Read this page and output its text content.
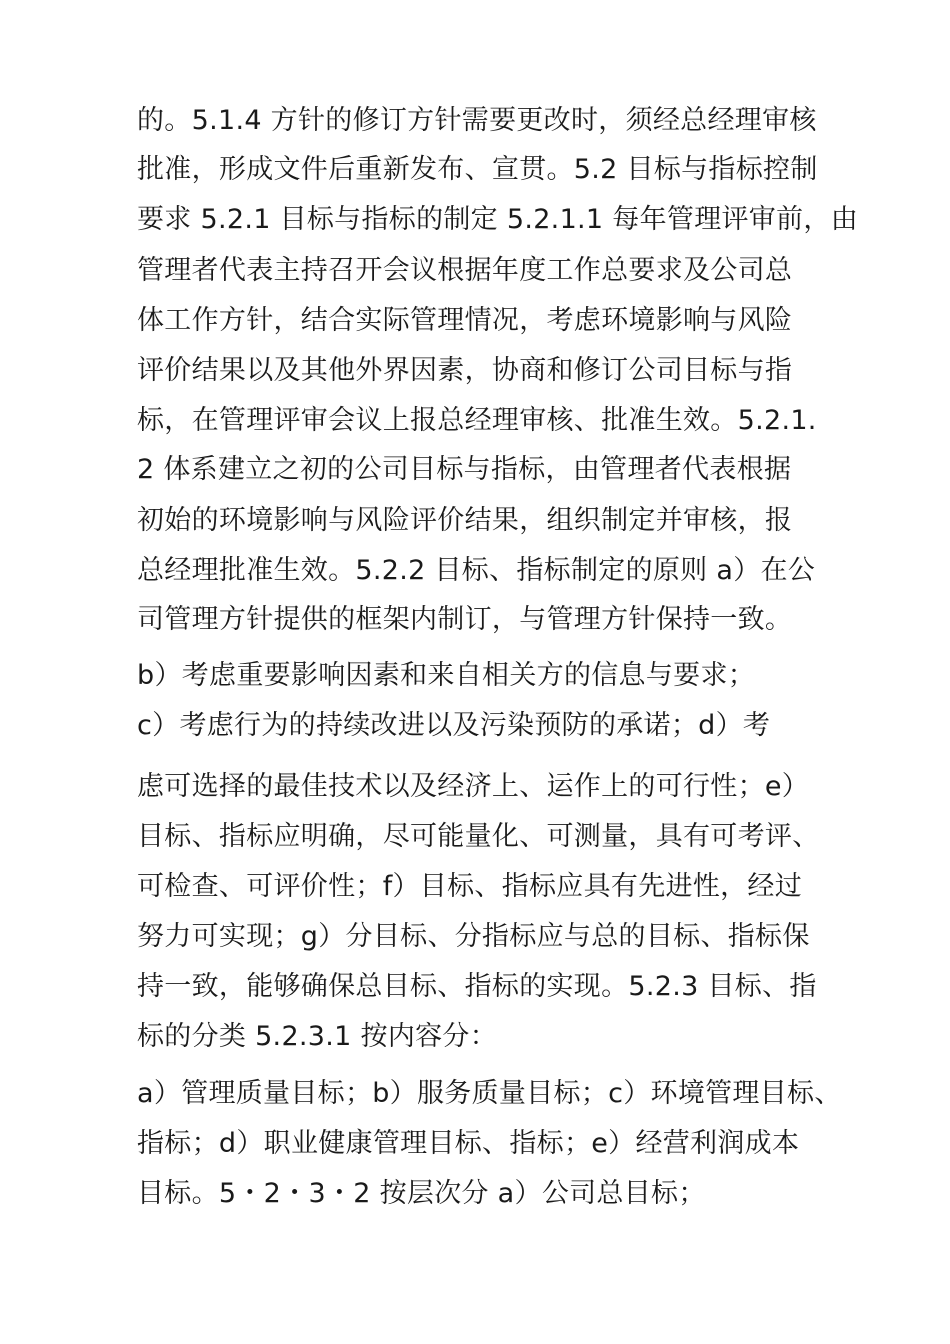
的。5.1.4 方针的修订方针需要更改时，须经总经理审核
批准，形成文件后重新发布、宣贯。5.2 目标与指标控制
要求 5.2.1 目标与指标的制定 5.2.1.1 每年管理评审前，由
管理者代表主持召开会议根据年度工作总要求及公司总
体工作方针，结合实际管理情况，考虑环境影响与风险
评价结果以及其他外界因素，协商和修订公司目标与指
标，在管理评审会议上报总经理审核、批准生效。5.2.1.
2 体系建立之初的公司目标与指标，由管理者代表根据
初始的环境影响与风险评价结果，组织制定并审核，报
总经理批准生效。5.2.2 目标、指标制定的原则 a）在公
司管理方针提供的框架内制订，与管理方针保持一致。
b）考虑重要影响因素和来自相关方的信息与要求；
c）考虑行为的持续改进以及污染预防的承诺；d）考
虑可选择的最佳技术以及经济上、运作上的可行性；e）
目标、指标应明确，尽可能量化、可测量，具有可考评、
可检查、可评价性；f）目标、指标应具有先进性，经过
努力可实现；g）分目标、分指标应与总的目标、指标保
持一致，能够确保总目标、指标的实现。5.2.3 目标、指
标的分类 5.2.3.1 按内容分：
a）管理质量目标；b）服务质量目标；c）环境管理目标、
指标；d）职业健康管理目标、指标；e）经营利润成本
目标。5・2・3・2 按层次分 a）公司总目标；
